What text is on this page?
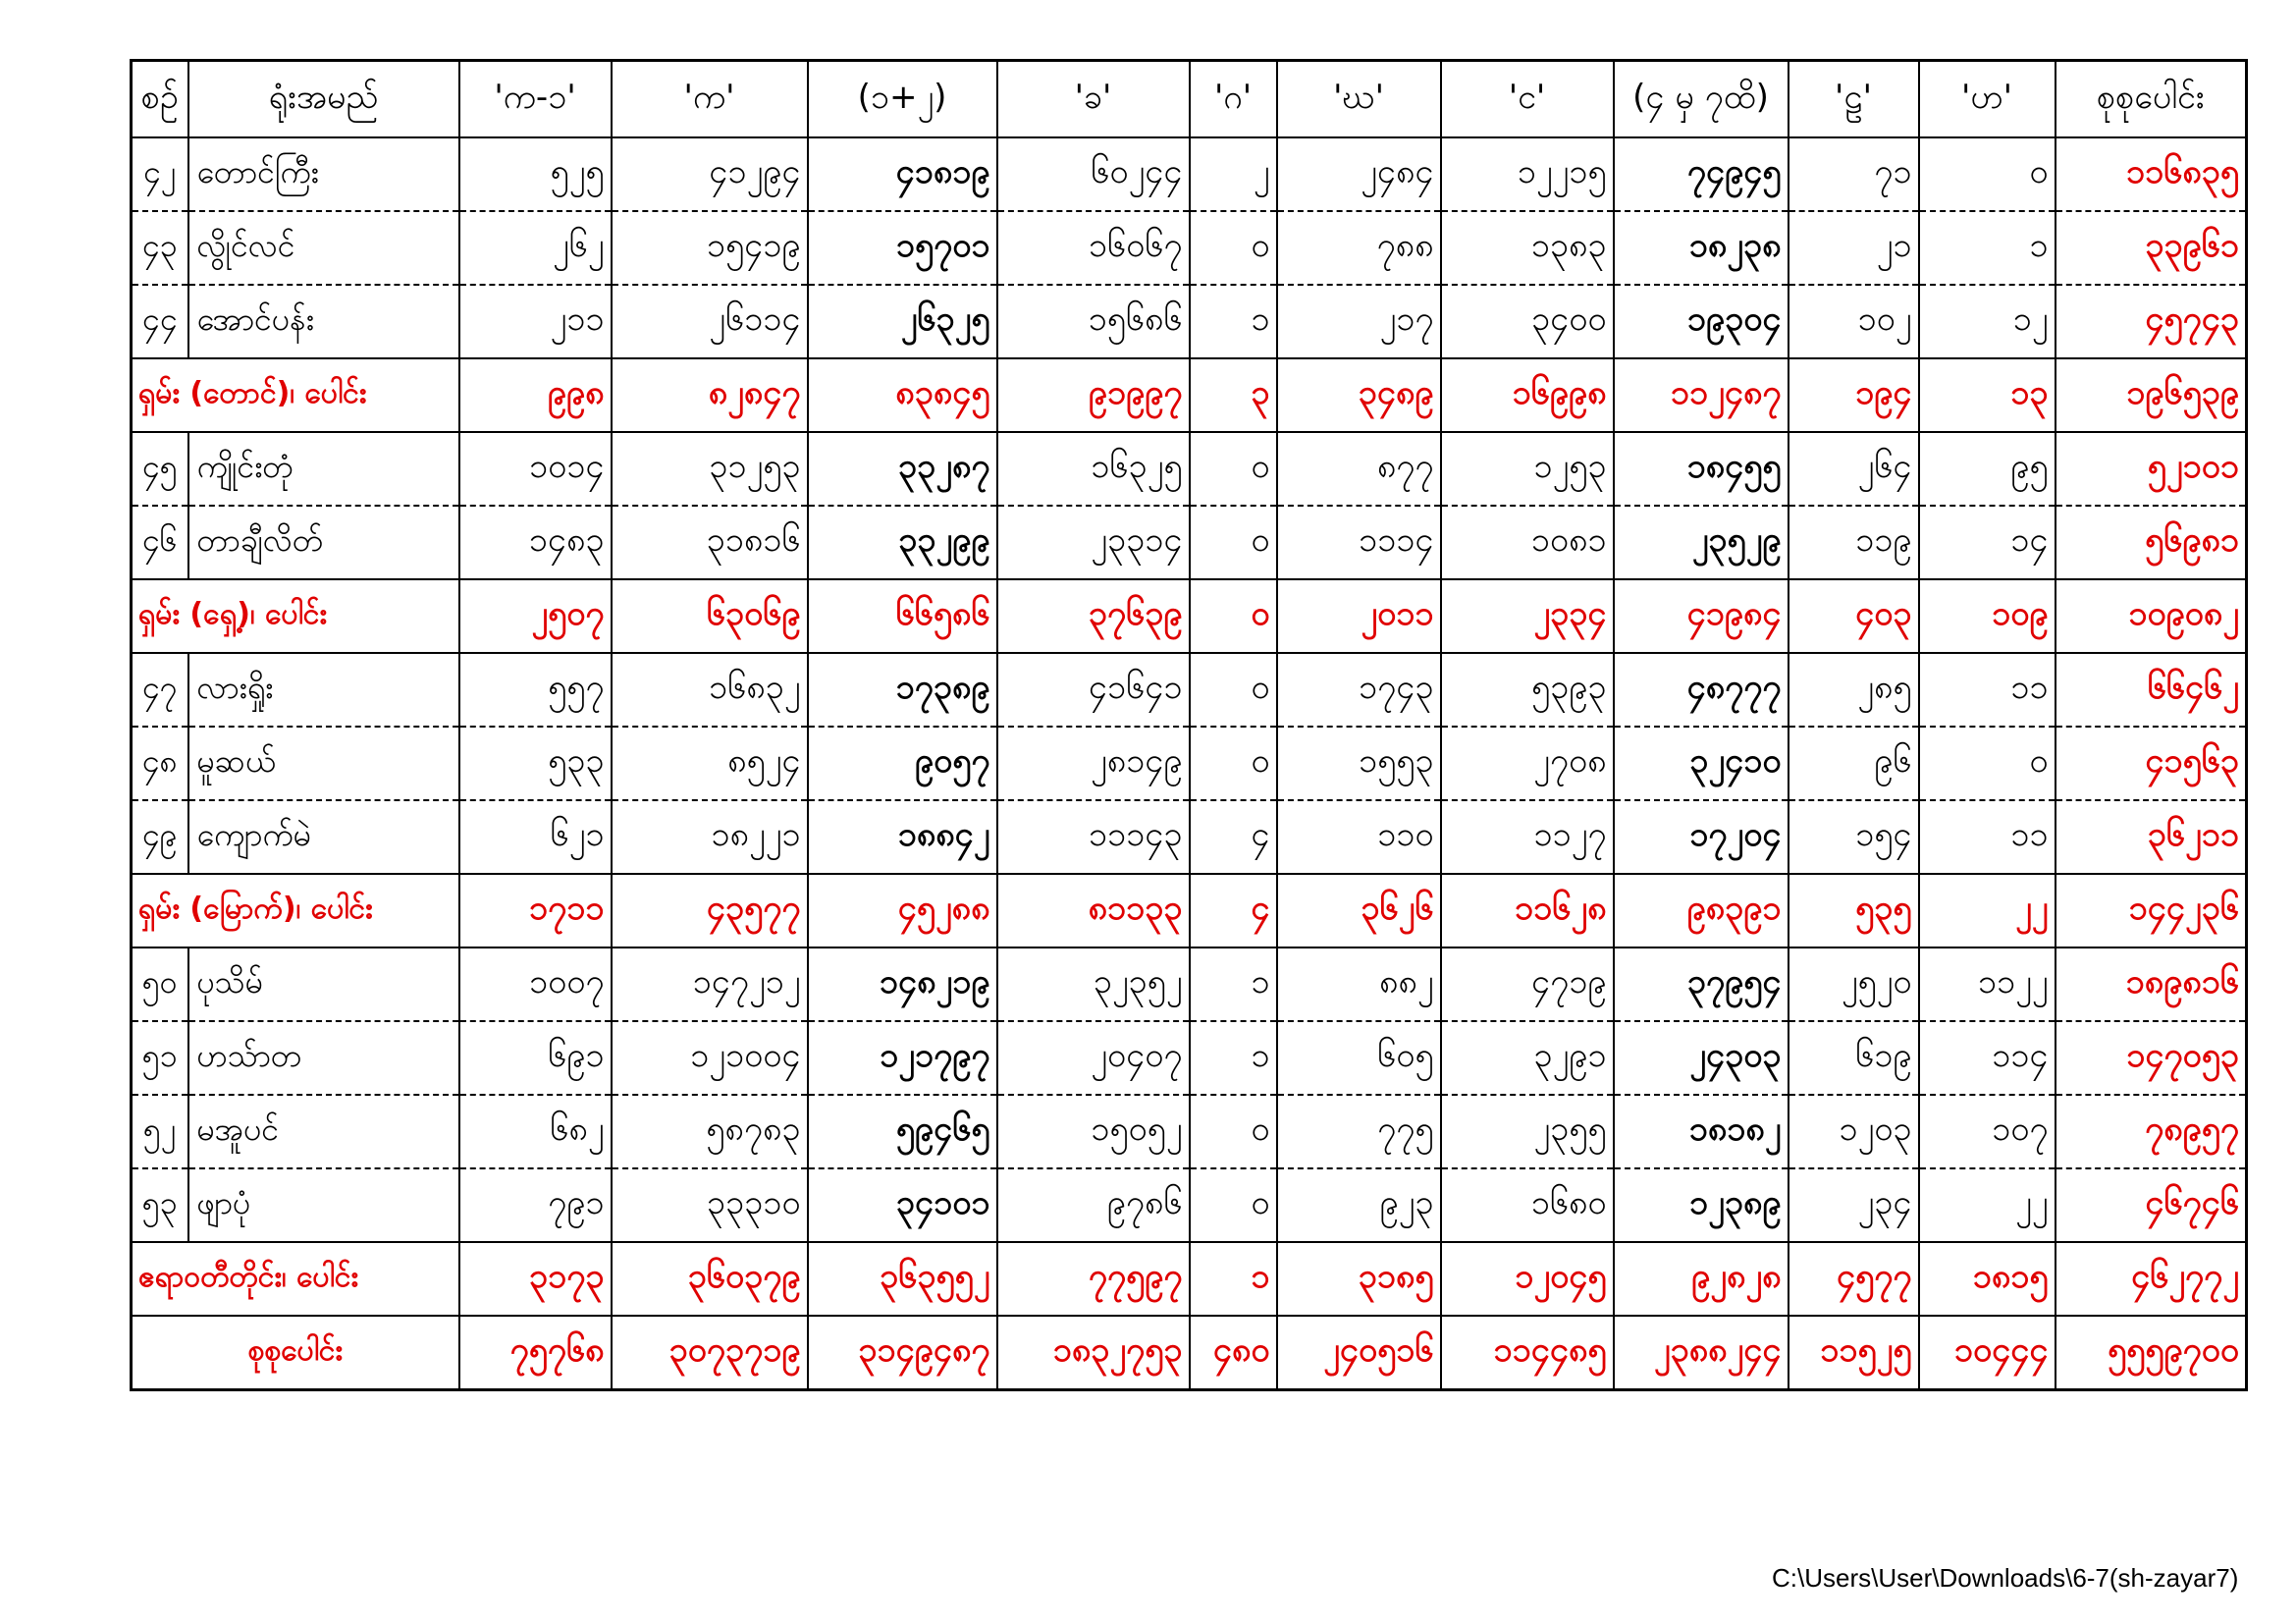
စဉ်	ရုံးအမည်	'က-၁'	'က'	(၁+၂)	'ခ'	'ဂ'	'ဃ'	'င'	(၄ မှ ၇ထိ)	'ဠ'	'ဟ'	စုစုပေါင်း
၄၂	တောင်ကြီး	၅၂၅	၄၁၂၉၄	၄၁၈၁၉	၆၀၂၄၄	၂	၂၄၈၄	၁၂၂၁၅	၇၄၉၄၅	၇၁	၀	၁၁၆၈၃၅
၄၃	လွိုင်လင်	၂၆၂	၁၅၄၁၉	၁၅၇၀၁	၁၆၀၆၇	၀	၇၈၈	၁၃၈၃	၁၈၂၃၈	၂၁	၁	၃၃၉၆၁
၄၄	အောင်ပန်း	၂၁၁	၂၆၁၁၄	၂၆၃၂၅	၁၅၆၈၆	၁	၂၁၇	၃၄၀၀	၁၉၃၀၄	၁၀၂	၁၂	၄၅၇၄၃
ရှမ်း (တောင်)၊ ပေါင်း		၉၉၈	၈၂၈၄၇	၈၃၈၄၅	၉၁၉၉၇	၃	၃၄၈၉	၁၆၉၉၈	၁၁၂၄၈၇	၁၉၄	၁၃	၁၉၆၅၃၉
၄၅	ကျိုင်းတုံ	၁၀၁၄	၃၁၂၅၃	၃၃၂၈၇	၁၆၃၂၅	၀	၈၇၇	၁၂၅၃	၁၈၄၅၅	၂၆၄	၉၅	၅၂၁၀၁
၄၆	တာချီလိတ်	၁၄၈၃	၃၁၈၁၆	၃၃၂၉၉	၂၃၃၁၄	၀	၁၁၁၄	၁၀၈၁	၂၃၅၂၉	၁၁၉	၁၄	၅၆၉၈၁
ရှမ်း (ရှေ့)၊ ပေါင်း		၂၅၀၇	၆၃၀၆၉	၆၆၅၈၆	၃၇၆၃၉	၀	၂၀၁၁	၂၃၃၄	၄၁၉၈၄	၄၀၃	၁၀၉	၁၀၉၀၈၂
၄၇	လားရှိုး	၅၅၇	၁၆၈၃၂	၁၇၃၈၉	၄၁၆၄၁	၀	၁၇၄၃	၅၃၉၃	၄၈၇၇၇	၂၈၅	၁၁	၆၆၄၆၂
၄၈	မူဆယ်	၅၃၃	၈၅၂၄	၉၀၅၇	၂၈၁၄၉	၀	၁၅၅၃	၂၇၀၈	၃၂၄၁၀	၉၆	၀	၄၁၅၆၃
၄၉	ကျောက်မဲ	၆၂၁	၁၈၂၂၁	၁၈၈၄၂	၁၁၁၄၃	၄	၁၁၀	၁၁၂၇	၁၇၂၀၄	၁၅၄	၁၁	၃၆၂၁၁
ရှမ်း (မြောက်)၊ ပေါင်း		၁၇၁၁	၄၃၅၇၇	၄၅၂၈၈	၈၁၁၃၃	၄	၃၆၂၆	၁၁၆၂၈	၉၈၃၉၁	၅၃၅	၂၂	၁၄၄၂၃၆
၅၀	ပုသိမ်	၁၀၀၇	၁၄၇၂၁၂	၁၄၈၂၁၉	၃၂၃၅၂	၁	၈၈၂	၄၇၁၉	၃၇၉၅၄	၂၅၂၀	၁၁၂၂	၁၈၉၈၁၆
၅၁	ဟသ်ာတ	၆၉၁	၁၂၁၀၀၄	၁၂၁၇၉၇	၂၀၄၀၇	၁	၆၀၅	၃၂၉၁	၂၄၃၀၃	၆၁၉	၁၁၄	၁၄၇၀၅၃
၅၂	မအူပင်	၆၈၂	၅၈၇၈၃	၅၉၄၆၅	၁၅၀၅၂	၀	၇၇၅	၂၃၅၅	၁၈၁၈၂	၁၂၀၃	၁၀၇	၇၈၉၅၇
၅၃	ဖျာပုံ	၇၉၁	၃၃၃၁၀	၃၄၁၀၁	၉၇၈၆	၀	၉၂၃	၁၆၈၀	၁၂၃၈၉	၂၃၄	၂၂	၄၆၇၄၆
ဧရာဝတီတိုင်း၊ ပေါင်း		၃၁၇၃	၃၆၀၃၇၉	၃၆၃၅၅၂	၇၇၅၉၇	၁	၃၁၈၅	၁၂၀၄၅	၉၂၈၂၈	၄၅၇၇	၁၈၁၅	၄၆၂၇၇၂
စုစုပေါင်း		၇၅၇၆၈	၃၀၇၃၇၁၉	၃၁၄၉၄၈၇	၁၈၃၂၇၅၃	၄၈၀	၂၄၀၅၁၆	၁၁၄၄၈၅	၂၃၈၈၂၄၄	၁၁၅၂၅	၁၀၄၄၄	၅၅၅၉၇၀၀
C:\Users\User\Downloads\6-7(sh-zayar7)
